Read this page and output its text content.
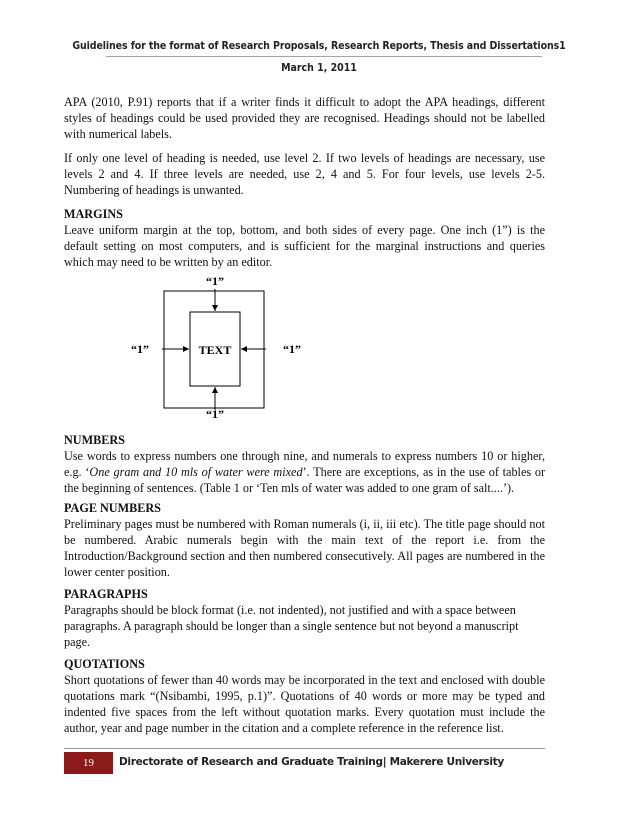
Guidelines for the format of Research Proposals, Research Reports, Thesis and Dissertations1
March 1, 2011

APA (2010, P.91) reports that if a writer finds it difficult to adopt the APA headings, different styles of headings could be used provided they are recognised. Headings should not be labelled with numerical labels.

If only one level of heading is needed, use level 2. If two levels of headings are necessary, use levels 2 and 4. If three levels are needed, use 2, 4 and 5. For four levels, use levels 2-5. Numbering of headings is unwanted.

MARGINS

Leave uniform margin at the top, bottom, and both sides of every page. One inch (1”) is the default setting on most computers, and is sufficient for the marginal instructions and queries which may need to be written by an editor.

“1”
“1”
“1”	“1”
TEXT

NUMBERS

Use words to express numbers one through nine, and numerals to express numbers 10 or higher, e.g. ‘One gram and 10 mls of water were mixed’. There are exceptions, as in the use of tables or the beginning of sentences. (Table 1 or ‘Ten mls of water was added to one gram of salt....’).

PAGE NUMBERS

Preliminary pages must be numbered with Roman numerals (i, ii, iii etc). The title page should not be numbered. Arabic numerals begin with the main text of the report i.e. from the Introduction/Background section and then numbered consecutively. All pages are numbered in the lower center position.

PARAGRAPHS

Paragraphs should be block format (i.e. not indented), not justified and with a space between paragraphs. A paragraph should be longer than a single sentence but not beyond a manuscript page.

QUOTATIONS

Short quotations of fewer than 40 words may be incorporated in the text and enclosed with double quotations mark “(Nsibambi, 1995, p.1)”. Quotations of 40 words or more may be typed and indented five spaces from the left without quotation marks. Every quotation must include the author, year and page number in the citation and a complete reference in the reference list.

19	Directorate of Research and Graduate Training| Makerere University
